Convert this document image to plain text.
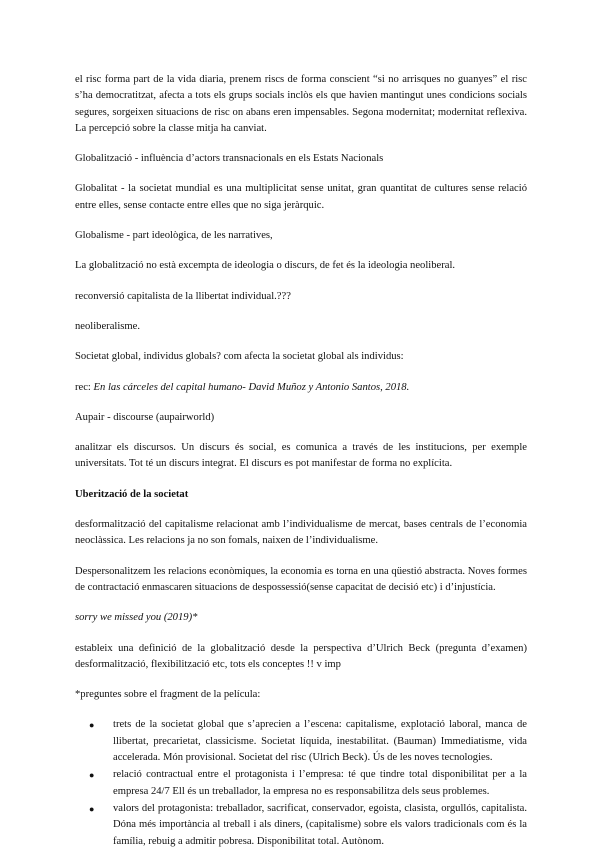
el risc forma part de la vida diaria, prenem riscs de forma conscient “si no arrisques no guanyes” el risc s’ha democratitzat, afecta a tots els grups socials inclòs els que havien mantingut unes condicions socials segures, sorgeixen situacions de risc on abans eren impensables. Segona modernitat; modernitat reflexiva. La percepció sobre la classe mitja ha canviat.

Globalització - influència d’actors transnacionals en els Estats Nacionals

Globalitat - la societat mundial es una multiplicitat sense unitat, gran quantitat de cultures sense relació entre elles, sense contacte entre elles que no siga jeràrquic.

Globalisme - part ideològica, de les narratives,

La globalització no està excempta de ideologia o discurs, de fet és la ideologia neoliberal.

reconversió capitalista de la llibertat individual.???

neoliberalisme.

Societat global, individus globals? com afecta la societat global als individus:

rec: En las cárceles del capital humano- David Muñoz y Antonio Santos, 2018.

Aupair - discourse (aupairworld)

analitzar els discursos. Un discurs és social, es comunica a través de les institucions, per exemple universitats. Tot té un discurs integrat. El discurs es pot manifestar de forma no explícita.

Uberització de la societat

desformalització del capitalisme relacionat amb l’individualisme de mercat, bases centrals de l’economia neoclàssica. Les relacions ja no son fomals, naixen de l’individualisme.

Despersonalitzem les relacions econòmiques, la economia es torna en una qüestió abstracta. Noves formes de contractació enmascaren situacions de despossessió(sense capacitat de decisió etc) i d’injustícia.

sorry we missed you (2019)*

estableix una definició de la globalització desde la perspectiva d’Ulrich Beck (pregunta d’examen) desformalització, flexibilització etc, tots els conceptes !! v imp

*preguntes sobre el fragment de la película:

● trets de la societat global que s’aprecien a l’escena: capitalisme, explotació laboral, manca de llibertat, precarietat, classicisme. Societat líquida, inestabilitat. (Bauman) Immediatisme, vida accelerada. Món provisional. Societat del risc (Ulrich Beck). Ús de les noves tecnologies.
● relació contractual entre el protagonista i l’empresa: té que tindre total disponibilitat per a la empresa 24/7 Ell és un treballador, la empresa no es responsabilitza dels seus problemes.
● valors del protagonista: treballador, sacrificat, conservador, egoista, clasista, orgullós, capitalista. Dóna més importància al treball i als diners, (capitalisme) sobre els valors tradicionals com és la família, rebuig a admitir pobresa. Disponibilitat total. Autònom.
